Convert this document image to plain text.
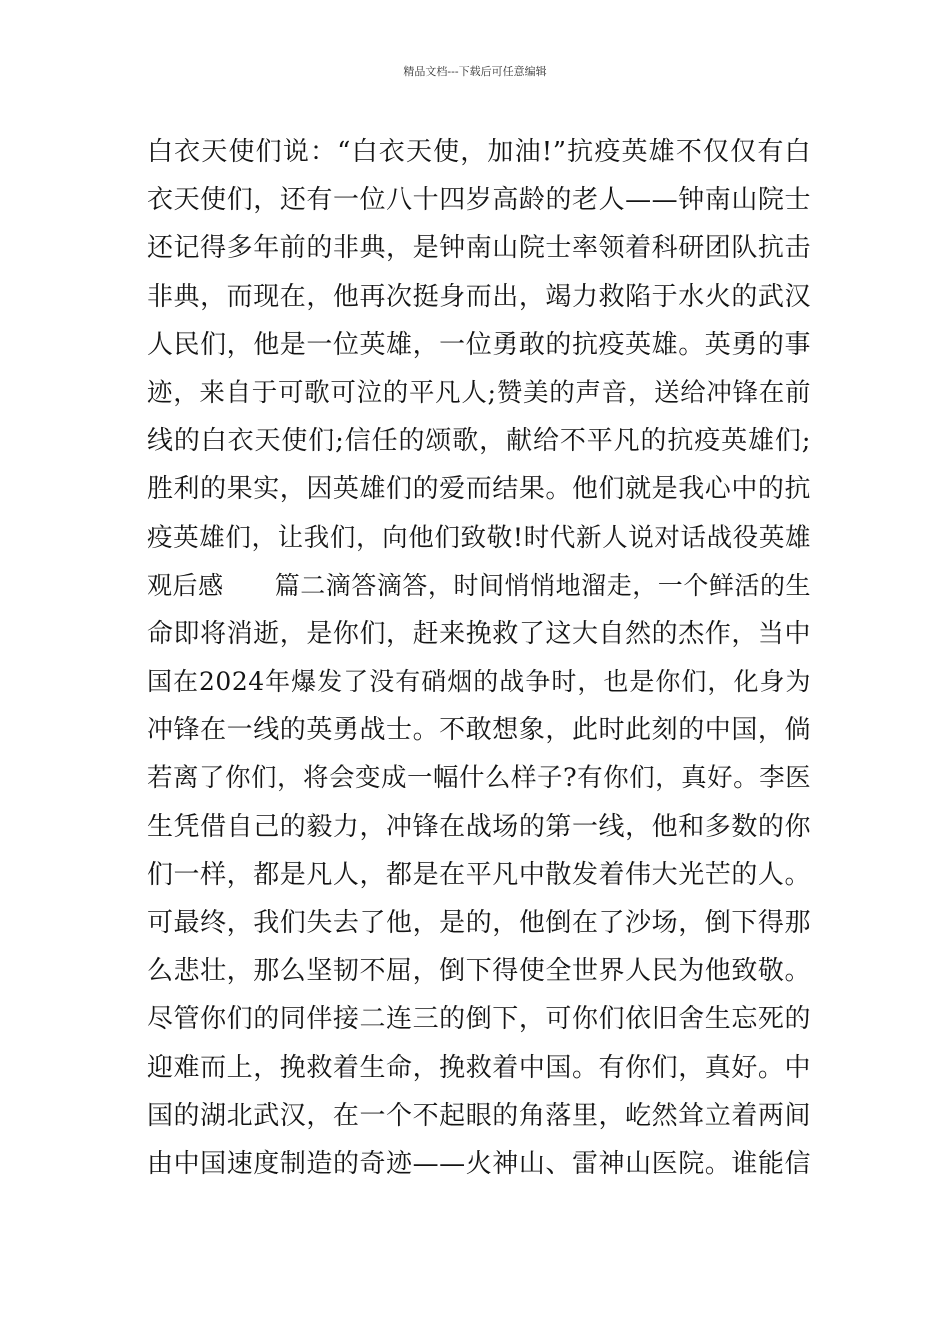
精品文档---下载后可任意编辑
白衣天使们说：“白衣天使，加油!”抗疫英雄不仅仅有白
衣天使们，还有一位八十四岁高龄的老人——钟南山院士
还记得多年前的非典，是钟南山院士率领着科研团队抗击
非典，而现在，他再次挺身而出，竭力救陷于水火的武汉
人民们，他是一位英雄，一位勇敢的抗疫英雄。英勇的事
迹，来自于可歌可泣的平凡人;赞美的声音，送给冲锋在前
线的白衣天使们;信任的颂歌，献给不平凡的抗疫英雄们;
胜利的果实，因英雄们的爱而结果。他们就是我心中的抗
疫英雄们，让我们，向他们致敬!时代新人说对话战役英雄
观后感　　篇二滴答滴答，时间悄悄地溜走，一个鲜活的生
命即将消逝，是你们，赶来挽救了这大自然的杰作，当中
国在2024年爆发了没有硝烟的战争时，也是你们，化身为
冲锋在一线的英勇战士。不敢想象，此时此刻的中国，倘
若离了你们，将会变成一幅什么样子?有你们，真好。李医
生凭借自己的毅力，冲锋在战场的第一线，他和多数的你
们一样，都是凡人，都是在平凡中散发着伟大光芒的人。
可最终，我们失去了他，是的，他倒在了沙场，倒下得那
么悲壮，那么坚韧不屈，倒下得使全世界人民为他致敬。
尽管你们的同伴接二连三的倒下，可你们依旧舍生忘死的
迎难而上，挽救着生命，挽救着中国。有你们，真好。中
国的湖北武汉，在一个不起眼的角落里，屹然耸立着两间
由中国速度制造的奇迹——火神山、雷神山医院。谁能信
